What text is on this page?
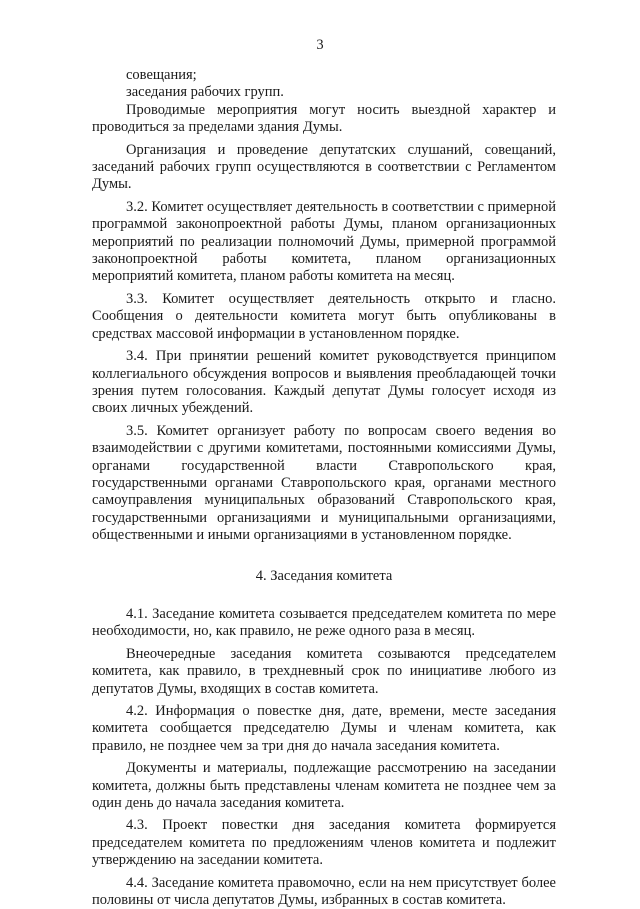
3

совещания;

заседания рабочих групп.

Проводимые мероприятия могут носить выездной характер и проводиться за пределами здания Думы.

Организация и проведение депутатских слушаний, совещаний, заседаний рабочих групп осуществляются в соответствии с Регламентом Думы.

3.2. Комитет осуществляет деятельность в соответствии с примерной программой законопроектной работы Думы, планом организационных мероприятий по реализации полномочий Думы, примерной программой законопроектной работы комитета, планом организационных мероприятий комитета, планом работы комитета на месяц.

3.3. Комитет осуществляет деятельность открыто и гласно. Сообщения о деятельности комитета могут быть опубликованы в средствах массовой информации в установленном порядке.

3.4. При принятии решений комитет руководствуется принципом коллегиального обсуждения вопросов и выявления преобладающей точки зрения путем голосования. Каждый депутат Думы голосует исходя из своих личных убеждений.

3.5. Комитет организует работу по вопросам своего ведения во взаимодействии с другими комитетами, постоянными комиссиями Думы, органами государственной власти Ставропольского края, государственными органами Ставропольского края, органами местного самоуправления муниципальных образований Ставропольского края, государственными организациями и муниципальными организациями, общественными и иными организациями в установленном порядке.

4. Заседания комитета

4.1. Заседание комитета созывается председателем комитета по мере необходимости, но, как правило, не реже одного раза в месяц.

Внеочередные заседания комитета созываются председателем комитета, как правило, в трехдневный срок по инициативе любого из депутатов Думы, входящих в состав комитета.

4.2. Информация о повестке дня, дате, времени, месте заседания комитета сообщается председателю Думы и членам комитета, как правило, не позднее чем за три дня до начала заседания комитета.

Документы и материалы, подлежащие рассмотрению на заседании комитета, должны быть представлены членам комитета не позднее чем за один день до начала заседания комитета.

4.3. Проект повестки дня заседания комитета формируется председателем комитета по предложениям членов комитета и подлежит утверждению на заседании комитета.

4.4. Заседание комитета правомочно, если на нем присутствует более половины от числа депутатов Думы, избранных в состав комитета.
